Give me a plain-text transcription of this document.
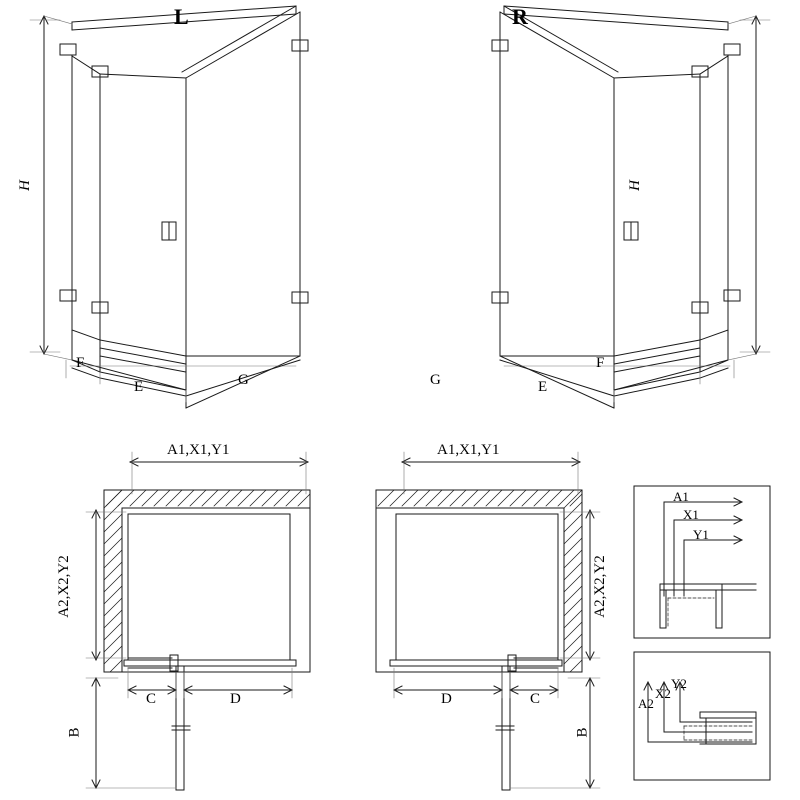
L	R
H	H
F
E	G
F
E
G
A1,X1,Y1
A2,X2,Y2
C	D
B
A1,X1,Y1
A2,X2,Y2
D	C
B
A1
X1
Y1
A2
X2
Y2
